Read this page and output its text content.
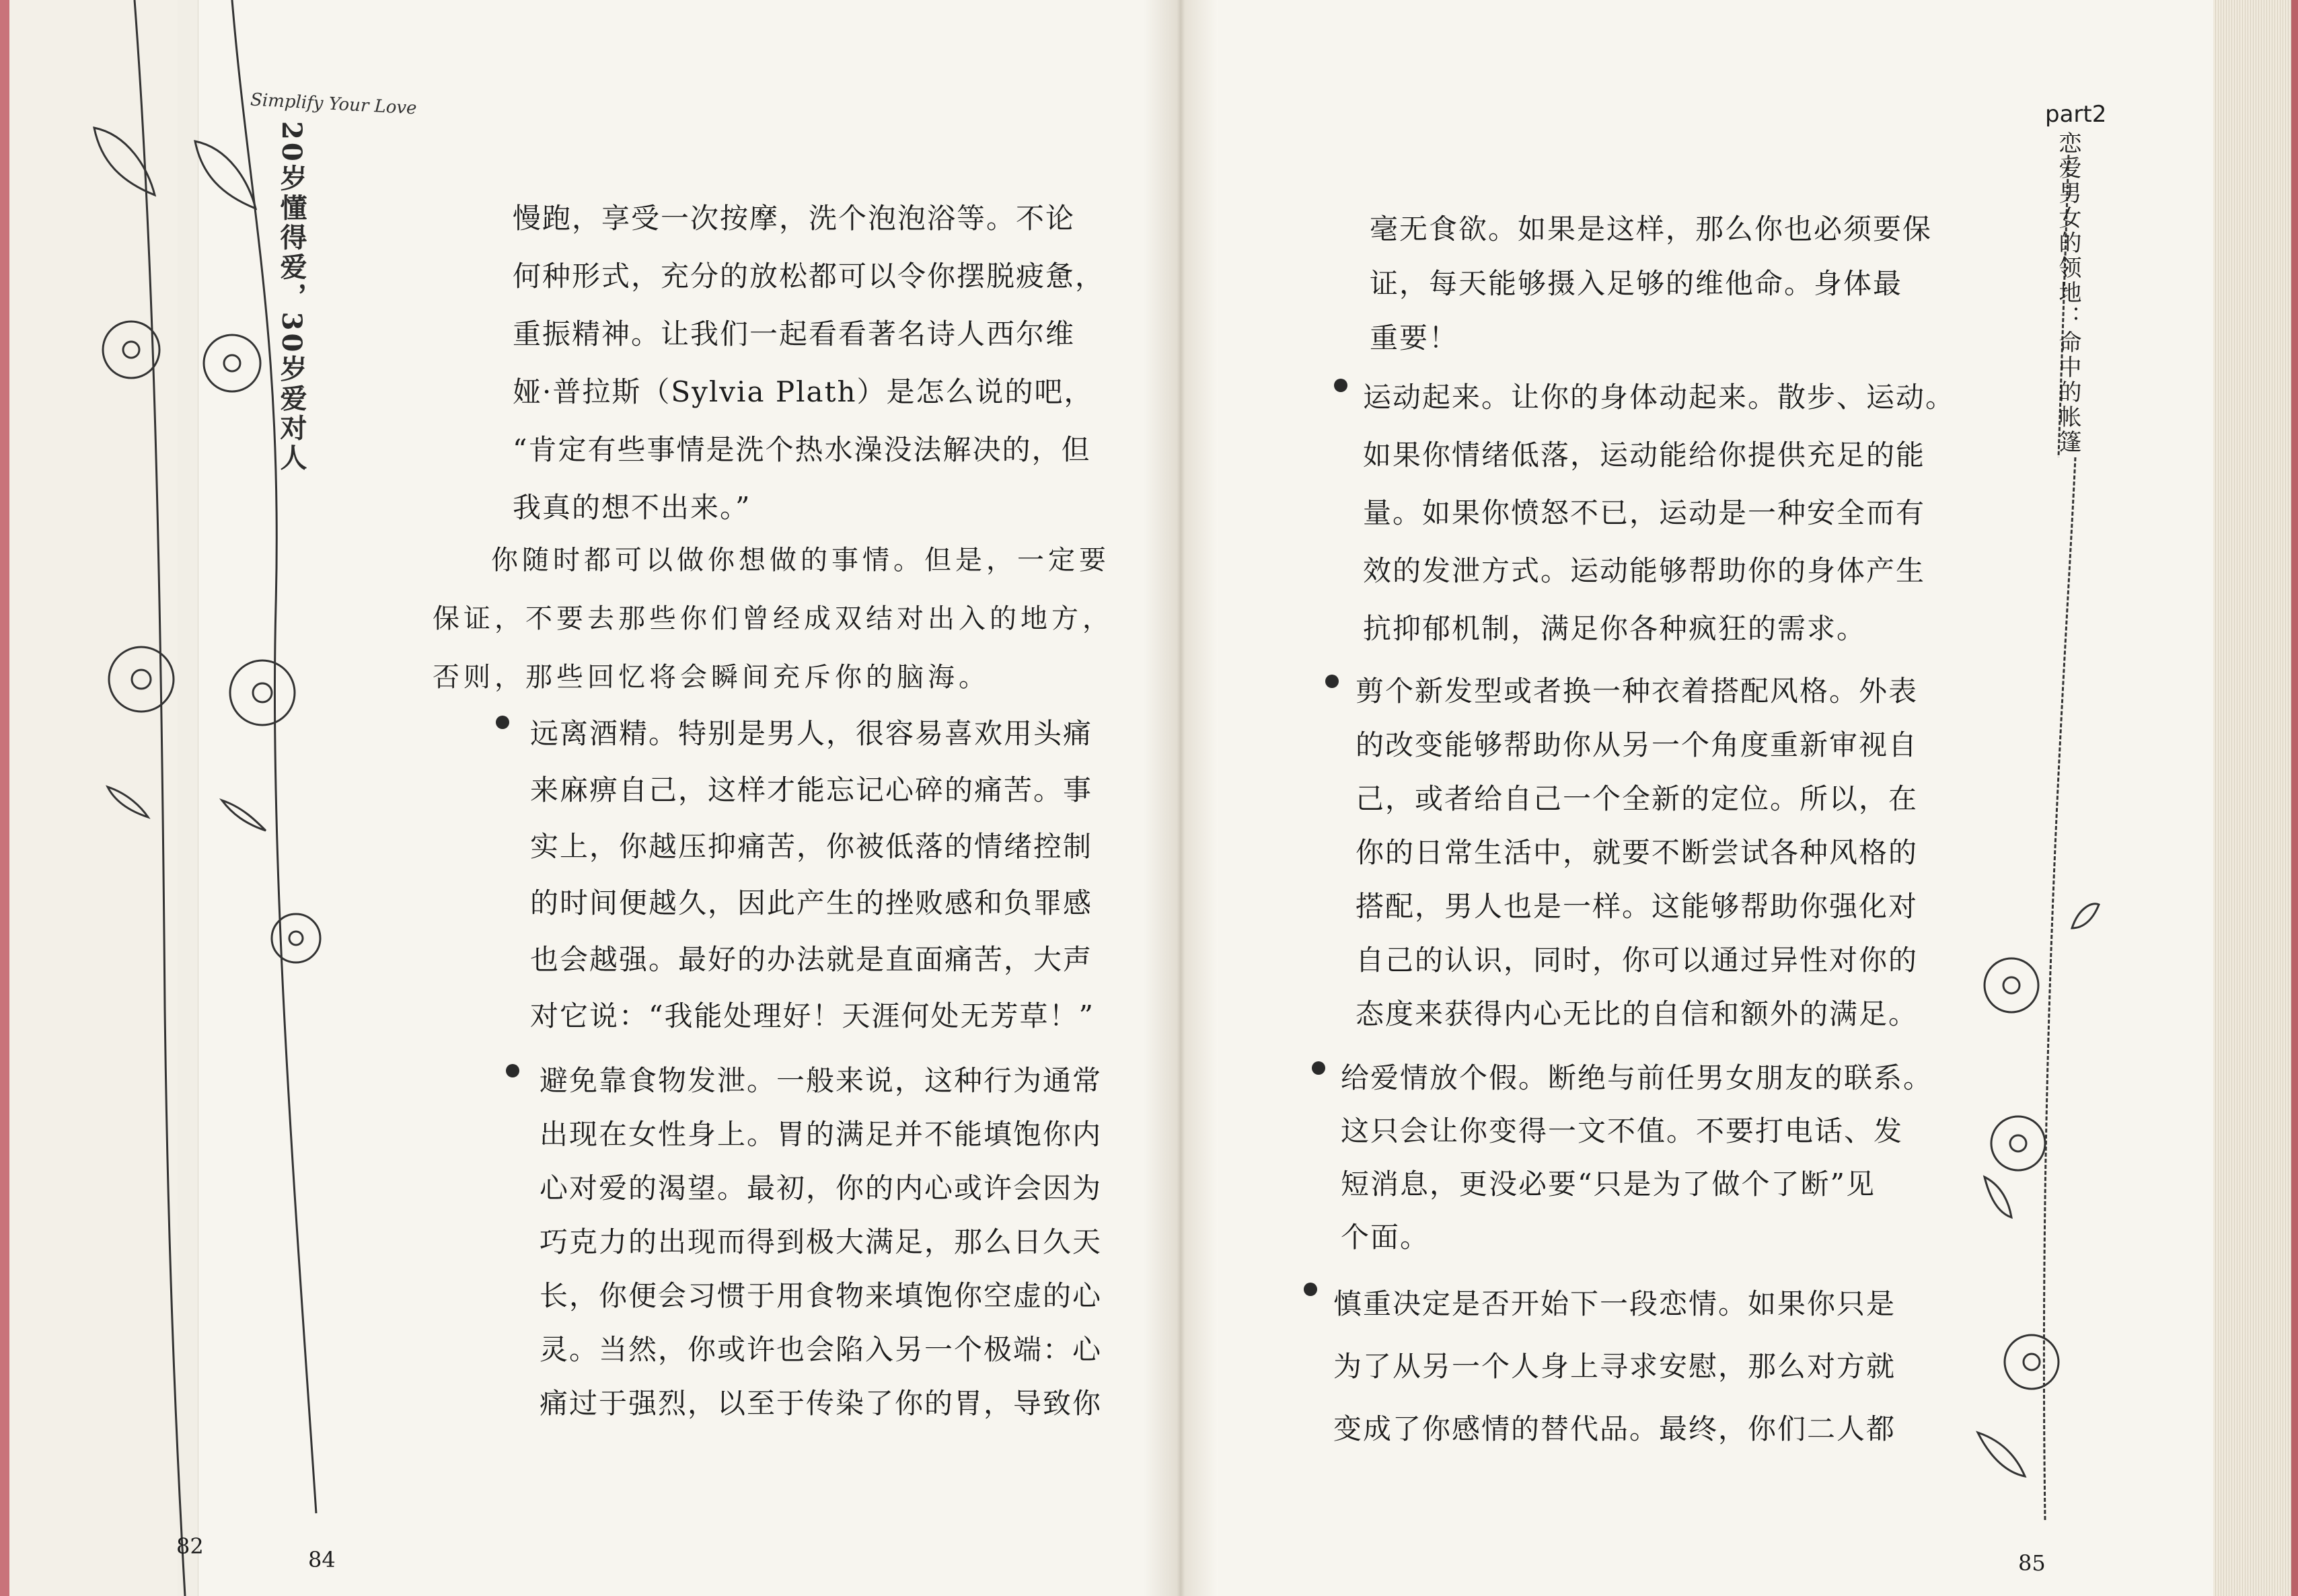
Simplify Your Love
20岁懂得爱，30岁爱对人
part2
恋爱男女的领地：命中的帐篷
慢跑，享受一次按摩，洗个泡泡浴等。不论
何种形式，充分的放松都可以令你摆脱疲惫，
重振精神。让我们一起看看著名诗人西尔维
娅·普拉斯（Sylvia Plath）是怎么说的吧，
“肯定有些事情是洗个热水澡没法解决的，但
我真的想不出来。”
你随时都可以做你想做的事情。但是，一定要
保证，不要去那些你们曾经成双结对出入的地方，
否则，那些回忆将会瞬间充斥你的脑海。
远离酒精。特别是男人，很容易喜欢用头痛
来麻痹自己，这样才能忘记心碎的痛苦。事
实上，你越压抑痛苦，你被低落的情绪控制
的时间便越久，因此产生的挫败感和负罪感
也会越强。最好的办法就是直面痛苦，大声
对它说：“我能处理好！天涯何处无芳草！”
避免靠食物发泄。一般来说，这种行为通常
出现在女性身上。胃的满足并不能填饱你内
心对爱的渴望。最初，你的内心或许会因为
巧克力的出现而得到极大满足，那么日久天
长，你便会习惯于用食物来填饱你空虚的心
灵。当然，你或许也会陷入另一个极端：心
痛过于强烈，以至于传染了你的胃，导致你
毫无食欲。如果是这样，那么你也必须要保
证，每天能够摄入足够的维他命。身体最
重要！
运动起来。让你的身体动起来。散步、运动。
如果你情绪低落，运动能给你提供充足的能
量。如果你愤怒不已，运动是一种安全而有
效的发泄方式。运动能够帮助你的身体产生
抗抑郁机制，满足你各种疯狂的需求。
剪个新发型或者换一种衣着搭配风格。外表
的改变能够帮助你从另一个角度重新审视自
己，或者给自己一个全新的定位。所以，在
你的日常生活中，就要不断尝试各种风格的
搭配，男人也是一样。这能够帮助你强化对
自己的认识，同时，你可以通过异性对你的
态度来获得内心无比的自信和额外的满足。
给爱情放个假。断绝与前任男女朋友的联系。
这只会让你变得一文不值。不要打电话、发
短消息，更没必要“只是为了做个了断”见
个面。
慎重决定是否开始下一段恋情。如果你只是
为了从另一个人身上寻求安慰，那么对方就
变成了你感情的替代品。最终，你们二人都
82
84	85
